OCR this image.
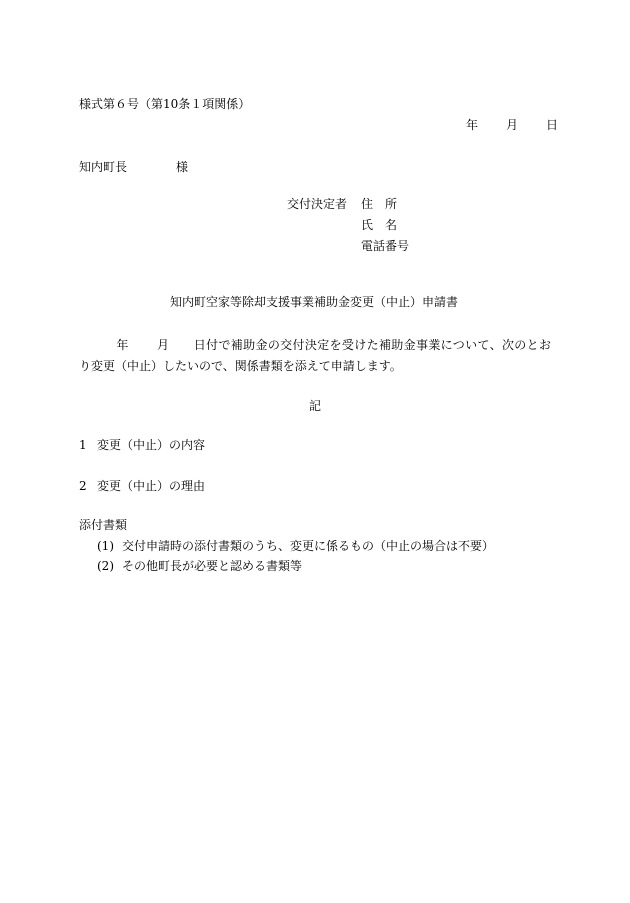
様式第６号（第10条１項関係）
年 月 日
知内町長	様
交付決定者 住 所
氏 名
電話番号
知内町空家等除却支援事業補助金変更（中止）申請書
年 月 日付で補助金の交付決定を受けた補助金事業について、次のとおり変更（中止）したいので、関係書類を添えて申請します。
記
1 変更（中止）の内容
2 変更（中止）の理由
添付書類
(1) 交付申請時の添付書類のうち、変更に係るもの（中止の場合は不要）
(2) その他町長が必要と認める書類等
